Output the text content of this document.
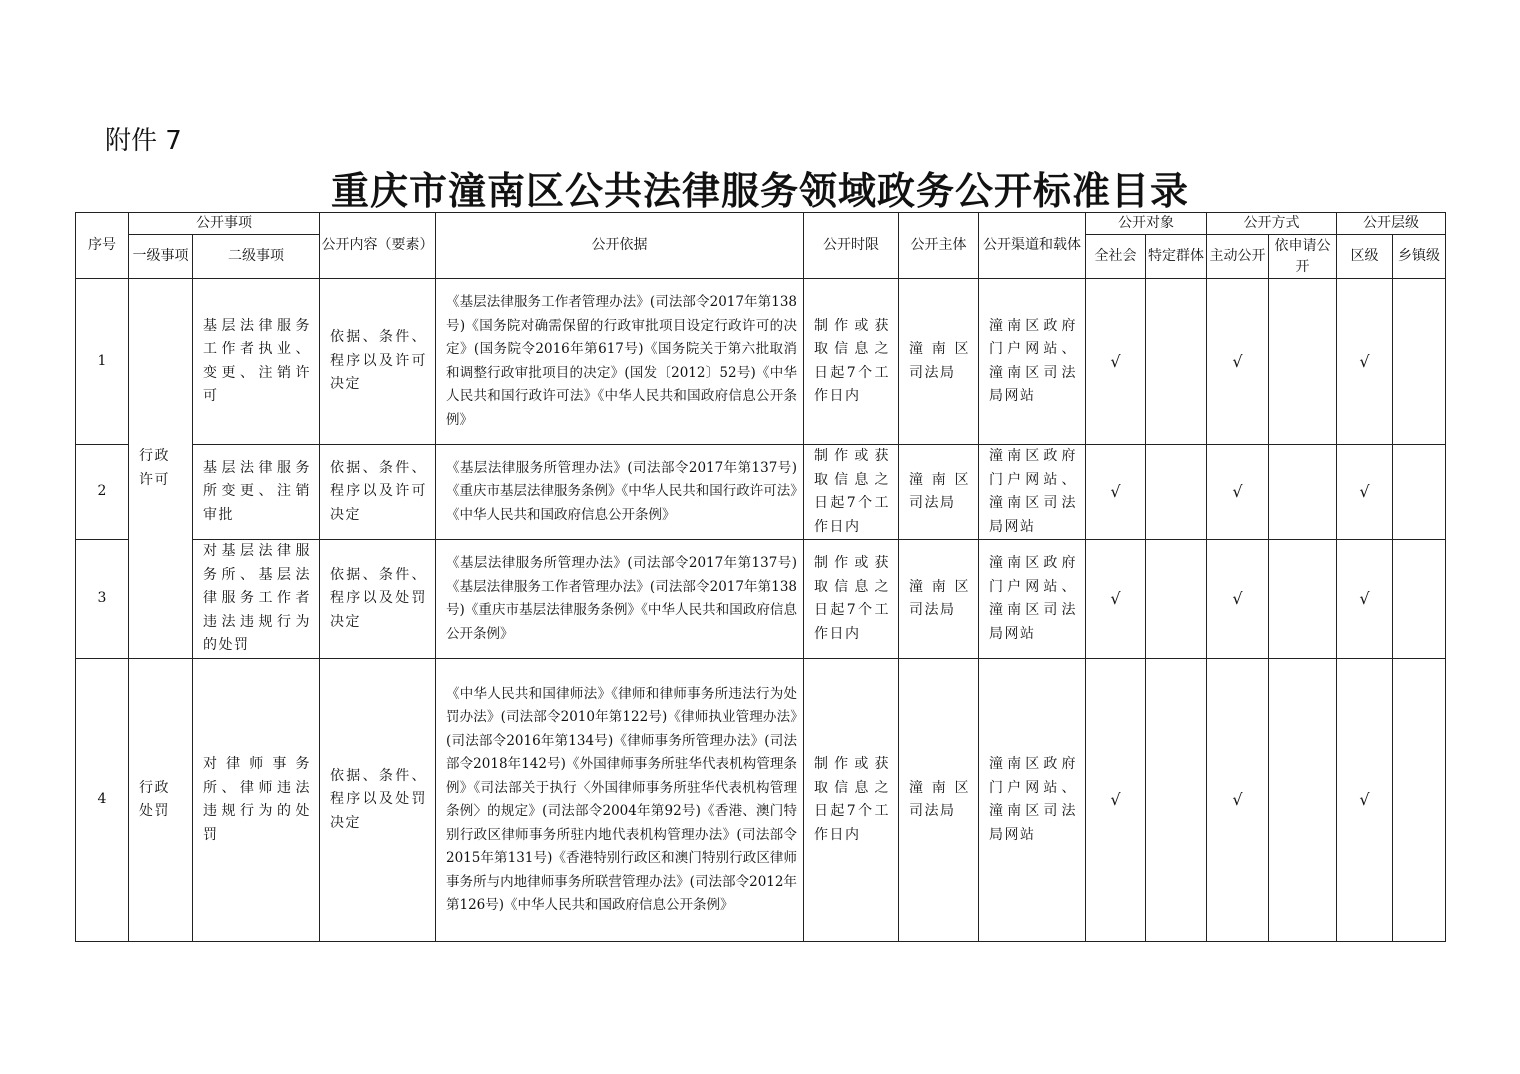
附件 7
重庆市潼南区公共法律服务领域政务公开标准目录
序号	公开事项		公开内容（要素）	公开依据	公开时限	公开主体	公开渠道和载体	公开对象		公开方式		公开层级	
	一级事项	二级事项						全社会	特定群体	主动公开	依申请公开	区级	乡镇级
1	行政许可	基层法律服务工作者执业、变更、注销许可	依据、条件、程序以及许可决定	《基层法律服务工作者管理办法》(司法部令2017年第138号)《国务院对确需保留的行政审批项目设定行政许可的决定》(国务院令2016年第617号)《国务院关于第六批取消和调整行政审批项目的决定》(国发〔2012〕52号)《中华人民共和国行政许可法》《中华人民共和国政府信息公开条例》	制作或获取信息之日起7个工作日内	潼南区司法局	潼南区政府门户网站、潼南区司法局网站	√		√		√	
2		基层法律服务所变更、注销审批	依据、条件、程序以及许可决定	《基层法律服务所管理办法》(司法部令2017年第137号)《重庆市基层法律服务条例》《中华人民共和国行政许可法》《中华人民共和国政府信息公开条例》	制作或获取信息之日起7个工作日内	潼南区司法局	潼南区政府门户网站、潼南区司法局网站	√		√		√	
3		对基层法律服务所、基层法律服务工作者违法违规行为的处罚	依据、条件、程序以及处罚决定	《基层法律服务所管理办法》(司法部令2017年第137号)《基层法律服务工作者管理办法》(司法部令2017年第138号)《重庆市基层法律服务条例》《中华人民共和国政府信息公开条例》	制作或获取信息之日起7个工作日内	潼南区司法局	潼南区政府门户网站、潼南区司法局网站	√		√		√	
4	行政处罚	对律师事务所、律师违法违规行为的处罚	依据、条件、程序以及处罚决定	《中华人民共和国律师法》《律师和律师事务所违法行为处罚办法》(司法部令2010年第122号)《律师执业管理办法》(司法部令2016年第134号)《律师事务所管理办法》(司法部令2018年142号)《外国律师事务所驻华代表机构管理条例》《司法部关于执行〈外国律师事务所驻华代表机构管理条例〉的规定》(司法部令2004年第92号)《香港、澳门特别行政区律师事务所驻内地代表机构管理办法》(司法部令2015年第131号)《香港特别行政区和澳门特别行政区律师事务所与内地律师事务所联营管理办法》(司法部令2012年第126号)《中华人民共和国政府信息公开条例》	制作或获取信息之日起7个工作日内	潼南区司法局	潼南区政府门户网站、潼南区司法局网站	√		√		√	
